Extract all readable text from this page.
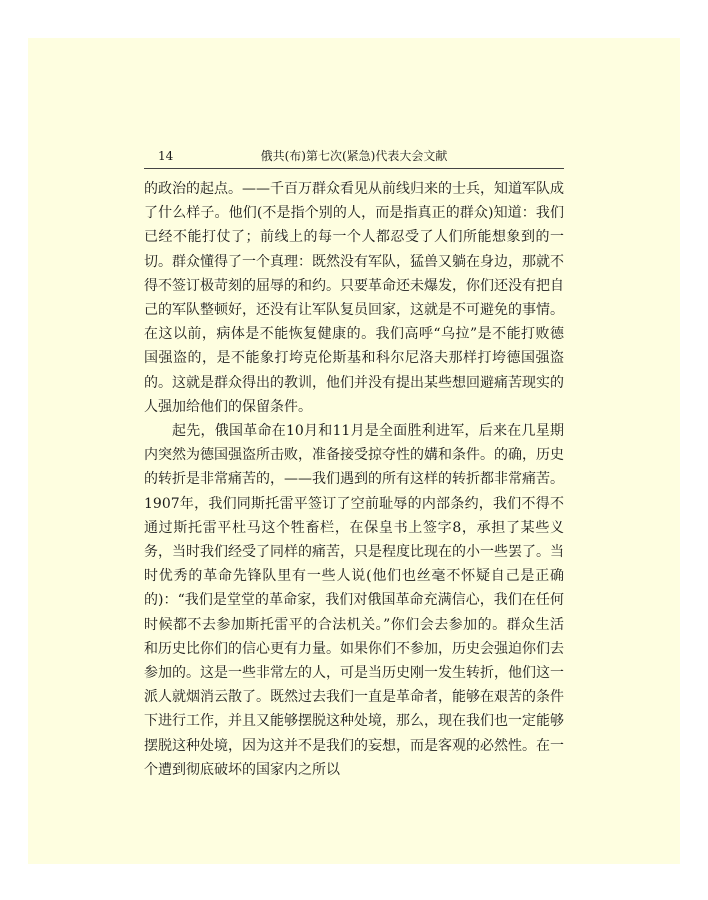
14	俄共(布)第七次(紧急)代表大会文献

的政治的起点。——千百万群众看见从前线归来的士兵，知道军队成了什么样子。他们(不是指个别的人，而是指真正的群众)知道：我们已经不能打仗了；前线上的每一个人都忍受了人们所能想象到的一切。群众懂得了一个真理：既然没有军队，猛兽又躺在身边，那就不得不签订极苛刻的屈辱的和约。只要革命还未爆发，你们还没有把自己的军队整顿好，还没有让军队复员回家，这就是不可避免的事情。在这以前，病体是不能恢复健康的。我们高呼“乌拉”是不能打败德国强盗的，是不能象打垮克伦斯基和科尔尼洛夫那样打垮德国强盗的。这就是群众得出的教训，他们并没有提出某些想回避痛苦现实的人强加给他们的保留条件。

起先，俄国革命在10月和11月是全面胜利进军，后来在几星期内突然为德国强盗所击败，准备接受掠夺性的媾和条件。的确，历史的转折是非常痛苦的，——我们遇到的所有这样的转折都非常痛苦。1907年，我们同斯托雷平签订了空前耻辱的内部条约，我们不得不通过斯托雷平杜马这个牲畜栏，在保皇书上签字8，承担了某些义务，当时我们经受了同样的痛苦，只是程度比现在的小一些罢了。当时优秀的革命先锋队里有一些人说(他们也丝毫不怀疑自己是正确的)：“我们是堂堂的革命家，我们对俄国革命充满信心，我们在任何时候都不去参加斯托雷平的合法机关。”你们会去参加的。群众生活和历史比你们的信心更有力量。如果你们不参加，历史会强迫你们去参加的。这是一些非常左的人，可是当历史刚一发生转折，他们这一派人就烟消云散了。既然过去我们一直是革命者，能够在艰苦的条件下进行工作，并且又能够摆脱这种处境，那么，现在我们也一定能够摆脱这种处境，因为这并不是我们的妄想，而是客观的必然性。在一个遭到彻底破坏的国家内之所以
